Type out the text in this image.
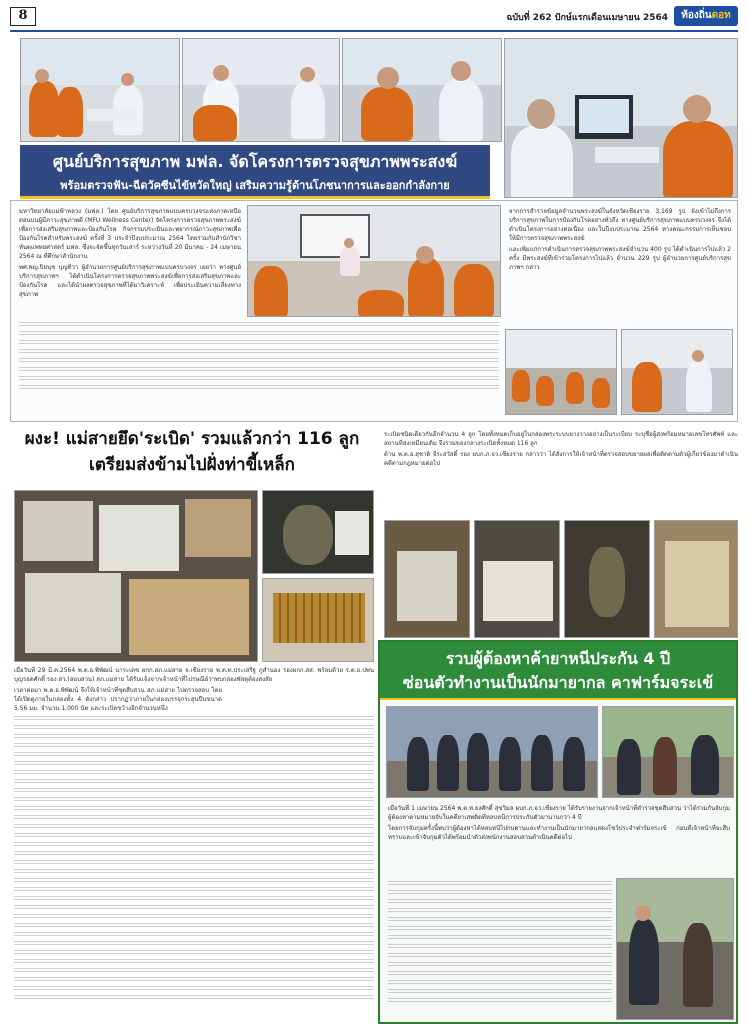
8	ฉบับที่ 262 ปักษ์แรกเดือนเมษายน 2564	ท้องถิ่นดอท
ศูนย์บริการสุขภาพ มฟล. จัดโครงการตรวจสุขภาพพระสงฆ์
พร้อมตรวจฟัน-ฉีดวัคซีนไข้หวัดใหญ่ เสริมความรู้ด้านโภชนาการและออกกำลังกาย

มหาวิทยาลัยแม่ฟ้าหลวง (มฟล.) โดย ศูนย์บริการสุขภาพแบบครบวงจรแห่งภาคเหนือตอนบนผู้มีภาวะสุขภาพดี (MFU Wellness Center) จัดโครงการตรวจสุขภาพพระสงฆ์เพื่อการส่งเสริมสุขภาพและป้องกันโรค กิจกรรมประเมินและพยากรณ์ภาวะสุขภาพเพื่อป้องกันโรคสำหรับพระสงฆ์ ครั้งที่ 3 ประจำปีงบประมาณ 2564 โดยร่วมกับสำนักวิชาทันตแพทยศาสตร์ มฟล. ซึ่งจะจัดขึ้นทุกวันเสาร์ ระหว่างวันที่ 20 มีนาคม - 24 เมษายน 2564 ณ ที่ศึกษาสำนักงาน

พศ.พญ.ปิยนุช บุญทิวา ผู้อำนวยการศูนย์บริการสุขภาพแบบครบวงจร เผยว่า ทางศูนย์บริการสุขภาพฯ ได้ดำเนินโครงการตรวจสุขภาพพระสงฆ์เพื่อการส่งเสริมสุขภาพและป้องกันโรค และได้นำผลตรวจสุขภาพที่ได้มาวิเคราะห์ เพื่อประเมินความเสี่ยงทางสุขภาพ

จากการสำรวจข้อมูลจำนวนพระสงฆ์ในจังหวัดเชียงราย 3,169 รูป ยังเข้าไม่ถึงการบริการสุขภาพในการป้องกันโรคอย่างทั่วถึง ทางศูนย์บริการสุขภาพแบบครบวงจร จึงได้ดำเนินโครงการอย่างต่อเนื่อง และในปีงบประมาณ 2564 ทางคณะกรรมการเห็นชอบให้มีการตรวจสุขภาพพระสงฆ์

และเพิ่มแก่การดำเนินการตรวจสุขภาพพระสงฆ์จำนวน 400 รูป ได้ดำเนินการไปแล้ว 2 ครั้ง มีพระสงฆ์ที่เข้าร่วมโครงการไปแล้ว จำนวน 229 รูป ผู้อำนวยการศูนย์บริการสุขภาพฯ กล่าว

ผงะ! แม่สายยึด'ระเบิด' รวมแล้วกว่า 116 ลูก
เตรียมส่งข้ามไปฝั่งท่าขี้เหล็ก

ระเบิดชนิดเดียวกันอีกจำนวน 4 ลูก โดยทั้งหมดเก็บอยู่ในกล่องพระระบบยางวางอย่างเป็นระเบียบ ระบุชื่อผู้ส่งพร้อมหมายเลขโทรศัพท์ และสถานที่ส่งเหมือนเดิม จึงรวมของกลางระเบิดทั้งหมด 116 ลูก

ด้าน พ.ต.อ.สุชาติ จีระสวัสดิ์ รอง ผบก.ภ.จว.เชียงราย กล่าวว่า ได้สั่งการให้เจ้าหน้าที่ตรวจสอบขยายผลเพื่อติดตามตัวผู้เกี่ยวข้องมาดำเนินคดีตามกฎหมายต่อไป

เมื่อวันที่ 29 มี.ค.2564 พ.ต.อ.พิพัฒน์ นาระเดช ผกก.สภ.แม่สาย จ.เชียงราย พ.ต.ท.ประเสริฐ ภูสำนอง รองผกก.สส. พร้อมด้วย ร.ต.อ.ปพน บุญรอดศักดิ์ รอง สว.(สอบสวน) สภ.แม่สาย ได้รับแจ้งจากเจ้าหน้าที่ไปรษณีย์ว่าพบกล่องพัสดุต้องสงสัย

เวลาต่อมา พ.ต.อ.พิพัฒน์ จึงให้เจ้าหน้าที่ชุดสืบสวน สภ.แม่สาย ไปตรวจสอบ โดยได้เปิดดูภายในกล่องทั้ง 4 ดังกล่าว ปรากฏว่าภายในกล่องบรรจุกระสุนปืนขนาด 5.56 มม. จำนวน 1,000 นัด และระเบิดขว้างอีกจำนวนหนึ่ง

รวบผู้ต้องหาค้ายาหนีประกัน 4 ปี
ซ่อนตัวทำงานเป็นนักมายากล คาฟาร์มจระเข้

เมื่อวันที่ 1 เมษายน 2564 พ.ต.ท.ยงศักดิ์ สุขวิมล ผบก.ภ.จว.เชียงราย ได้รับรายงานจากเจ้าหน้าที่ตำรวจชุดสืบสวน ว่าได้ร่วมกันจับกุมผู้ต้องหาตามหมายจับในคดียาเสพติดที่หลบหนีการประกันตัวมานานกว่า 4 ปี

โดยการจับกุมครั้งนี้พบว่าผู้ต้องหาได้หลบหนีไปกบดานและทำงานเป็นนักมายากลแสดงโชว์ประจำฟาร์มจระเข้ ก่อนที่เจ้าหน้าที่จะสืบทราบและเข้าจับกุมตัวได้พร้อมนำตัวส่งพนักงานสอบสวนดำเนินคดีต่อไป
